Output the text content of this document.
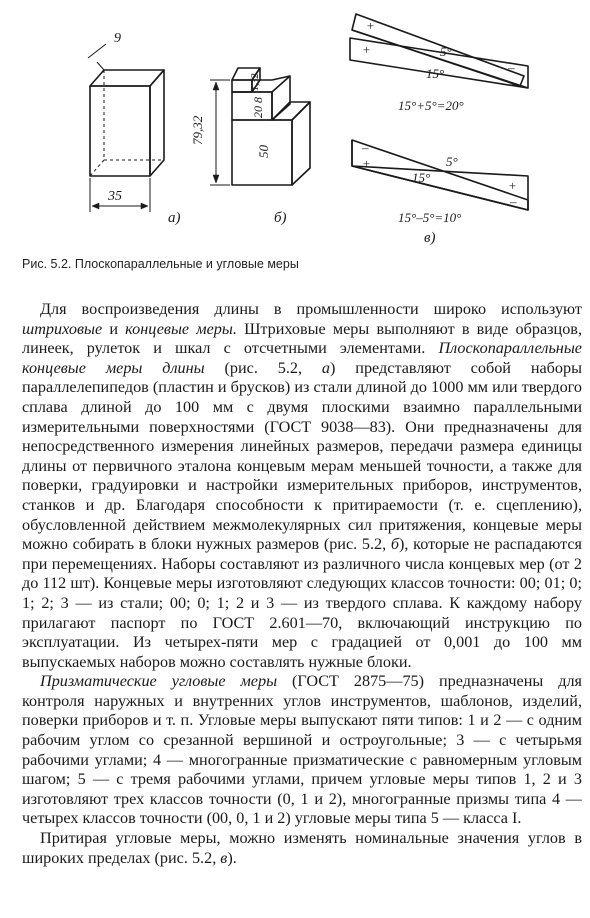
9
35
а)
79,32
50
20 8
1,32
б)
5°
15°
15°+5°=20°
+
+
–
–
5°
15°
15°–5°=10°
–
+
+
–
в)
Рис. 5.2. Плоскопараллельные и угловые меры

Для воспроизведения длины в промышленности широко используют штриховые и концевые меры. Штриховые меры выполняют в виде образцов, линеек, рулеток и шкал с отсчетными элементами. Плоскопараллельные концевые меры длины (рис. 5.2, а) представляют собой наборы параллелепипедов (пластин и брусков) из стали длиной до 1000 мм или твердого сплава длиной до 100 мм с двумя плоскими взаимно параллельными измерительными поверхностями (ГОСТ 9038—83). Они предназначены для непосредственного измерения линейных размеров, передачи размера единицы длины от первичного эталона концевым мерам меньшей точности, а также для поверки, градуировки и настройки измерительных приборов, инструментов, станков и др. Благодаря способности к притираемости (т. е. сцеплению), обусловленной действием межмолекулярных сил притяжения, концевые меры можно собирать в блоки нужных размеров (рис. 5.2, б), которые не распадаются при перемещениях. Наборы составляют из различного числа концевых мер (от 2 до 112 шт). Концевые меры изготовляют следующих классов точности: 00; 01; 0; 1; 2; 3 — из стали; 00; 0; 1; 2 и 3 — из твердого сплава. К каждому набору прилагают паспорт по ГОСТ 2.601—70, включающий инструкцию по эксплуатации. Из четырех-пяти мер с градацией от 0,001 до 100 мм выпускаемых наборов можно составлять нужные блоки.

Призматические угловые меры (ГОСТ 2875—75) предназначены для контроля наружных и внутренних углов инструментов, шаблонов, изделий, поверки приборов и т. п. Угловые меры выпускают пяти типов: 1 и 2 — с одним рабочим углом со срезанной вершиной и остроугольные; 3 — с четырьмя рабочими углами; 4 — многогранные призматические с равномерным угловым шагом; 5 — с тремя рабочими углами, причем угловые меры типов 1, 2 и 3 изготовляют трех классов точности (0, 1 и 2), многогранные призмы типа 4 — четырех классов точности (00, 0, 1 и 2) угловые меры типа 5 — класса I.

Притирая угловые меры, можно изменять номинальные значения углов в широких пределах (рис. 5.2, в).
